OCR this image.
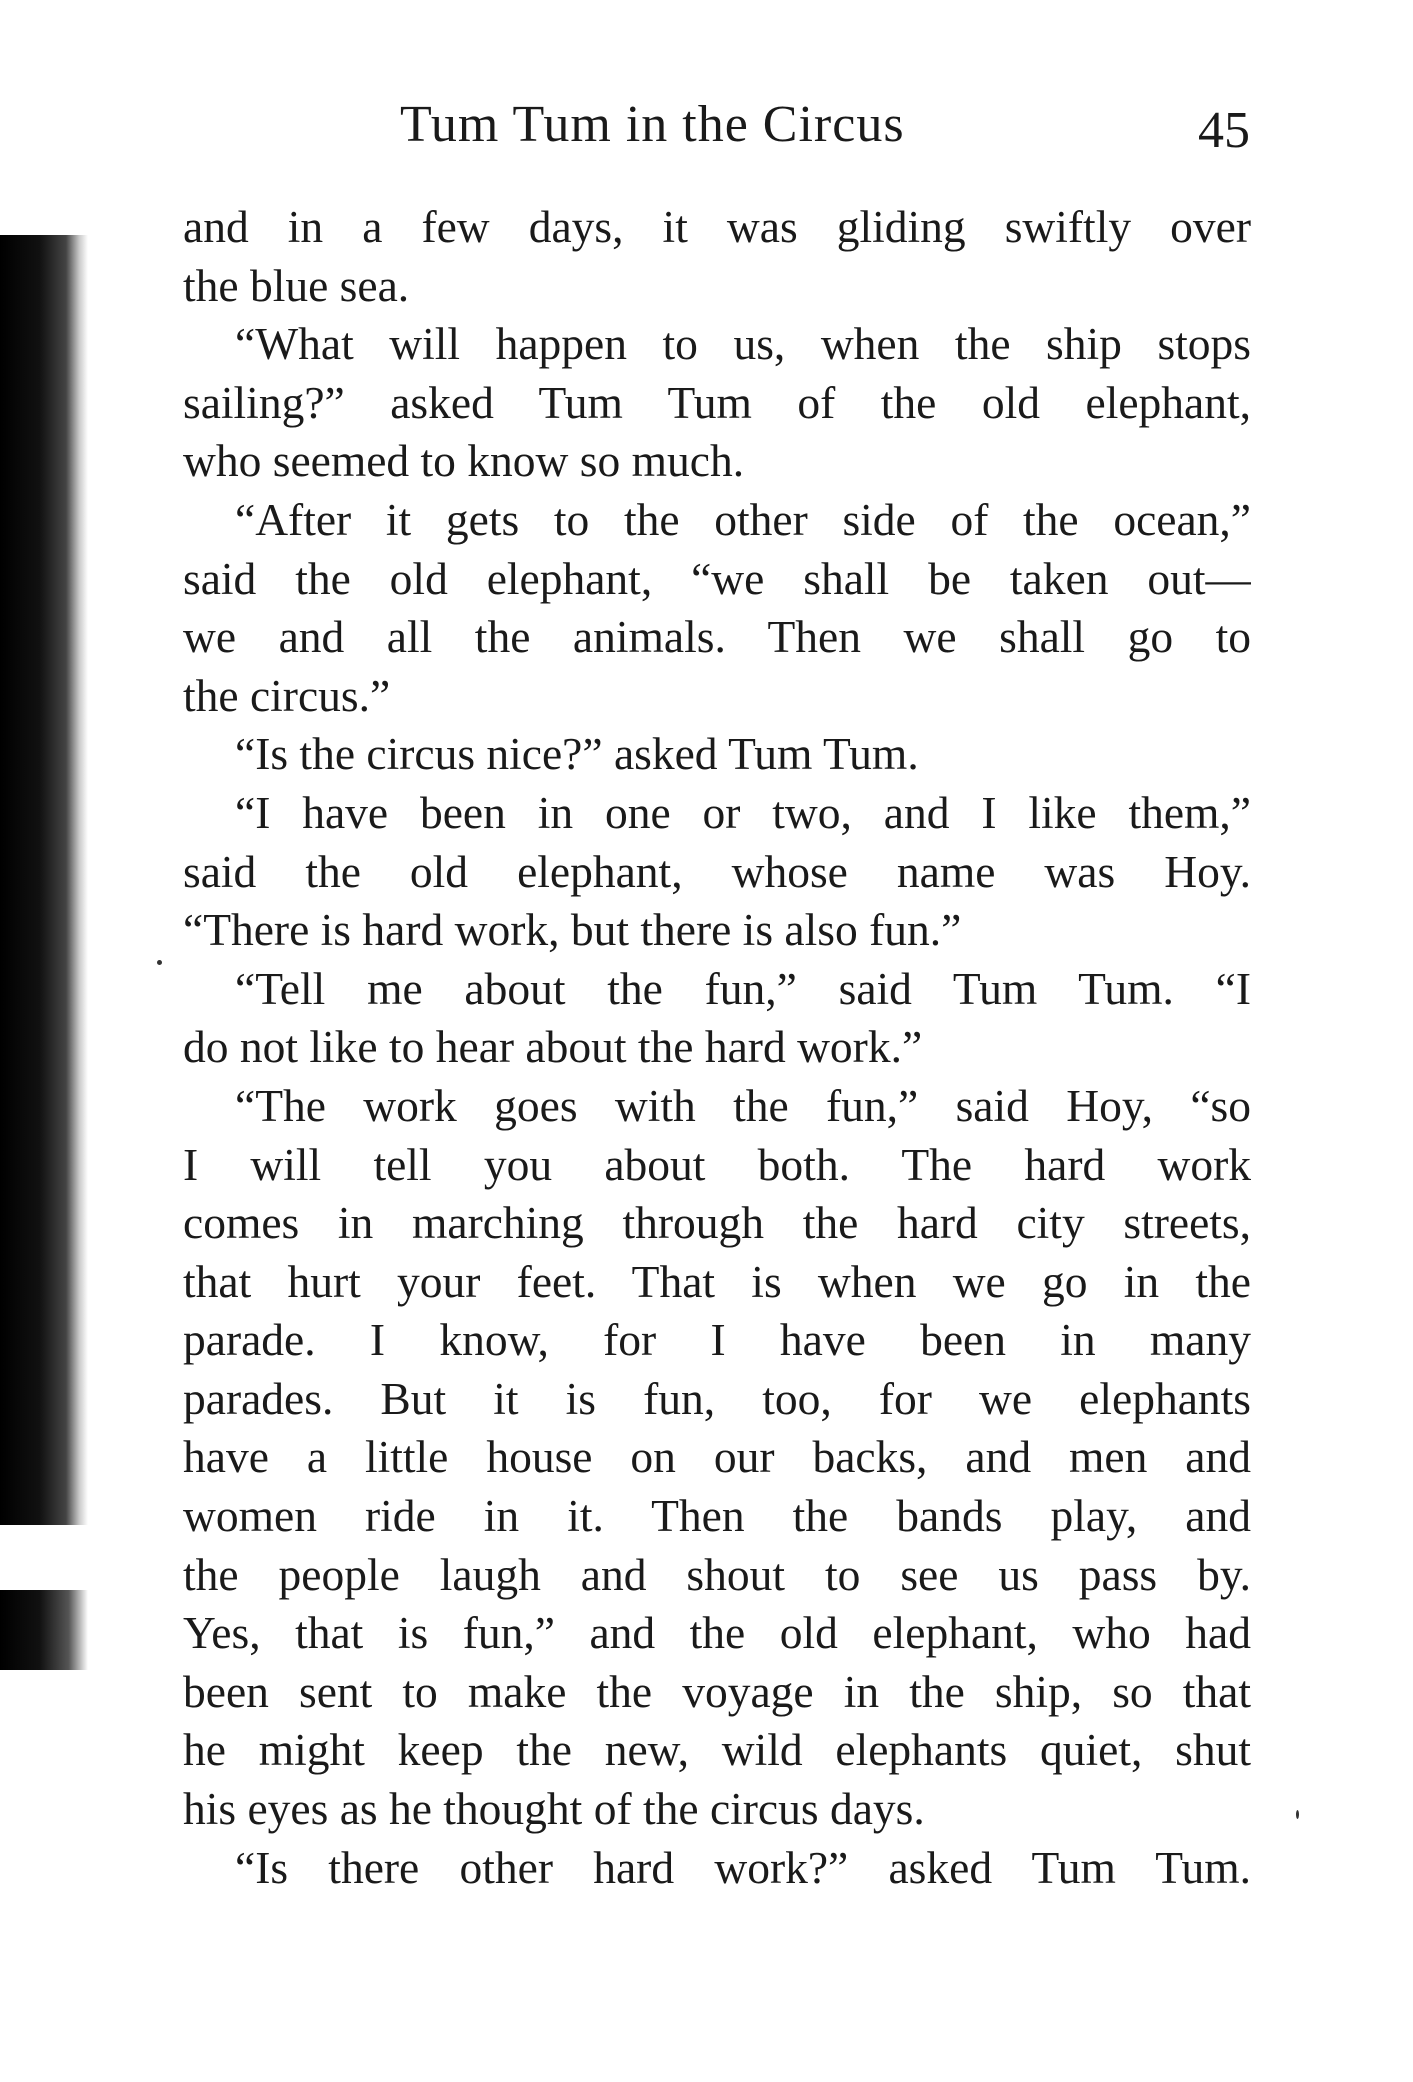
Tum Tum in the Circus	45
and in a few days, it was gliding swiftly over
the blue sea.
“What will happen to us, when the ship stops
sailing?” asked Tum Tum of the old elephant,
who seemed to know so much.
“After it gets to the other side of the ocean,”
said the old elephant, “we shall be taken out—
we and all the animals. Then we shall go to
the circus.”
“Is the circus nice?” asked Tum Tum.
“I have been in one or two, and I like them,”
said the old elephant, whose name was Hoy.
“There is hard work, but there is also fun.”
“Tell me about the fun,” said Tum Tum. “I
do not like to hear about the hard work.”
“The work goes with the fun,” said Hoy, “so
I will tell you about both. The hard work
comes in marching through the hard city streets,
that hurt your feet. That is when we go in the
parade. I know, for I have been in many
parades. But it is fun, too, for we elephants
have a little house on our backs, and men and
women ride in it. Then the bands play, and
the people laugh and shout to see us pass by.
Yes, that is fun,” and the old elephant, who had
been sent to make the voyage in the ship, so that
he might keep the new, wild elephants quiet, shut
his eyes as he thought of the circus days.
“Is there other hard work?” asked Tum Tum.
